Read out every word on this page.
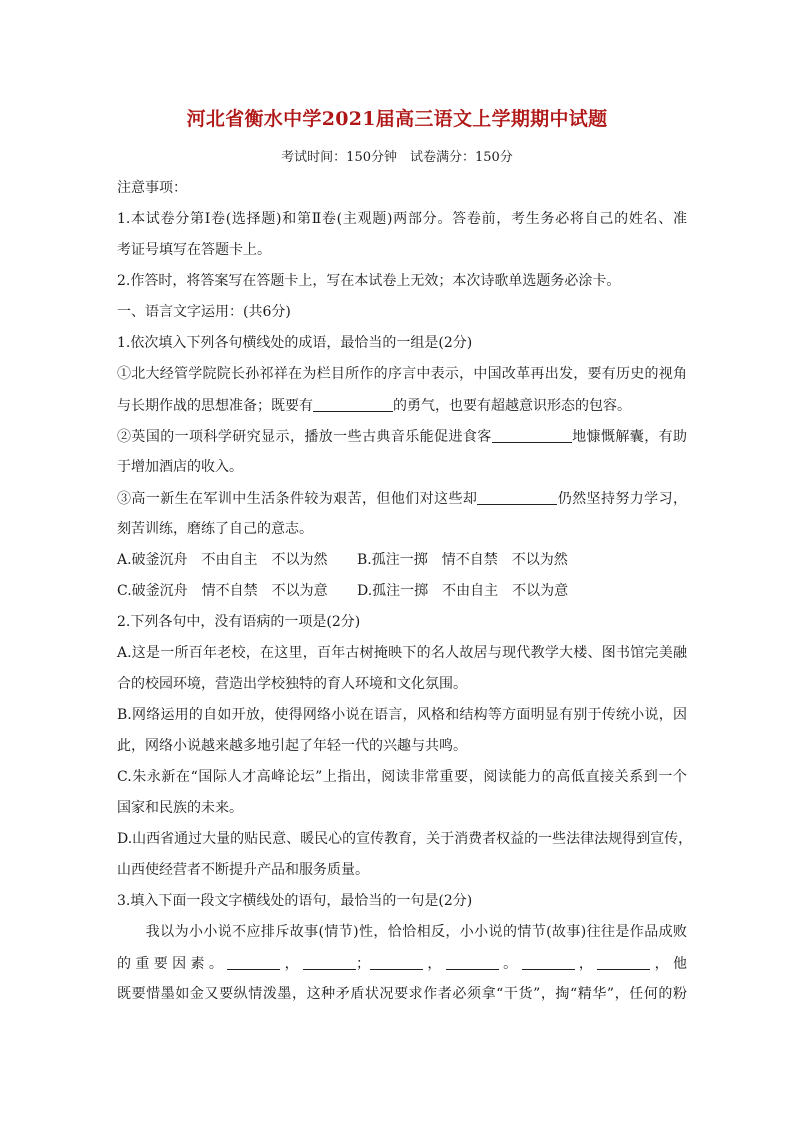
河北省衡水中学2021届高三语文上学期期中试题
考试时间：150分钟　试卷满分：150分
注意事项：
1.本试卷分第Ⅰ卷(选择题)和第Ⅱ卷(主观题)两部分。答卷前，考生务必将自己的姓名、准
考证号填写在答题卡上。
2.作答时，将答案写在答题卡上，写在本试卷上无效；本次诗歌单选题务必涂卡。
一、语言文字运用：(共6分)
1.依次填入下列各句横线处的成语，最恰当的一组是(2分)
①北大经管学院院长孙祁祥在为栏目所作的序言中表示，中国改革再出发，要有历史的视角
与长期作战的思想准备；既要有	的勇气，也要有超越意识形态的包容。
②英国的一项科学研究显示，播放一些古典音乐能促进食客	地慷慨解囊，有助
于增加酒店的收入。
③高一新生在军训中生活条件较为艰苦，但他们对这些却	仍然坚持努力学习，
刻苦训练，磨练了自己的意志。
A.破釜沉舟　不由自主　不以为然 B.孤注一掷　情不自禁　不以为然
C.破釜沉舟　情不自禁　不以为意 D.孤注一掷　不由自主　不以为意
2.下列各句中，没有语病的一项是(2分)
A.这是一所百年老校，在这里，百年古树掩映下的名人故居与现代教学大楼、图书馆完美融
合的校园环境，营造出学校独特的育人环境和文化氛围。
B.网络运用的自如开放，使得网络小说在语言，风格和结构等方面明显有别于传统小说，因
此，网络小说越来越多地引起了年轻一代的兴趣与共鸣。
C.朱永新在“国际人才高峰论坛”上指出，阅读非常重要，阅读能力的高低直接关系到一个
国家和民族的未来。
D.山西省通过大量的贴民意、暖民心的宣传教育，关于消费者权益的一些法律法规得到宣传，
山西使经营者不断提升产品和服务质量。
3.填入下面一段文字横线处的语句，最恰当的一句是(2分)
　　我以为小小说不应排斥故事(情节)性，恰恰相反，小小说的情节(故事)往往是作品成败
的重要因素。	，	；	，	。	，	，他
既要惜墨如金又要纵情泼墨，这种矛盾状况要求作者必须拿“干货”，掏“精华”，任何的粉
